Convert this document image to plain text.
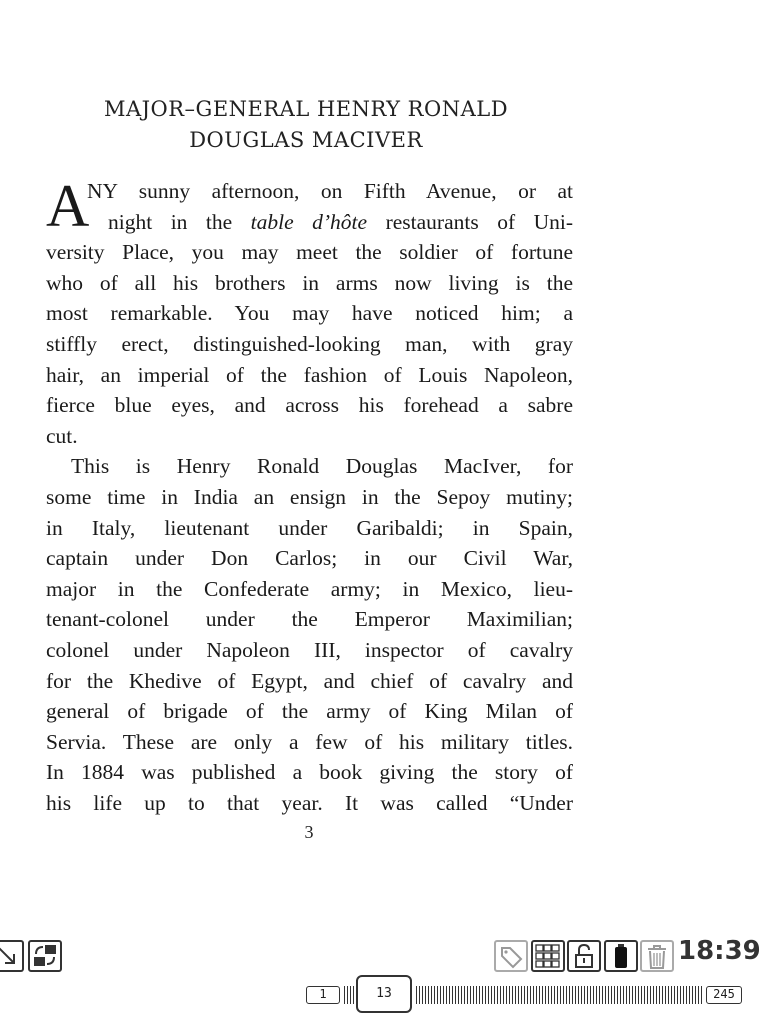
MAJOR–GENERAL HENRY RONALD
DOUGLAS MACIVER
A
NY sunny afternoon, on Fifth Avenue, or at
night in the table d’hôte restaurants of Uni-
versity Place, you may meet the soldier of fortune
who of all his brothers in arms now living is the
most remarkable. You may have noticed him; a
stiffly erect, distinguished-looking man, with gray
hair, an imperial of the fashion of Louis Napoleon,
fierce blue eyes, and across his forehead a sabre
cut.
This is Henry Ronald Douglas MacIver, for
some time in India an ensign in the Sepoy mutiny;
in Italy, lieutenant under Garibaldi; in Spain,
captain under Don Carlos; in our Civil War,
major in the Confederate army; in Mexico, lieu-
tenant-colonel under the Emperor Maximilian;
colonel under Napoleon III, inspector of cavalry
for the Khedive of Egypt, and chief of cavalry and
general of brigade of the army of King Milan of
Servia. These are only a few of his military titles.
In 1884 was published a book giving the story of
his life up to that year. It was called “Under
3
18:39
1	13	245
